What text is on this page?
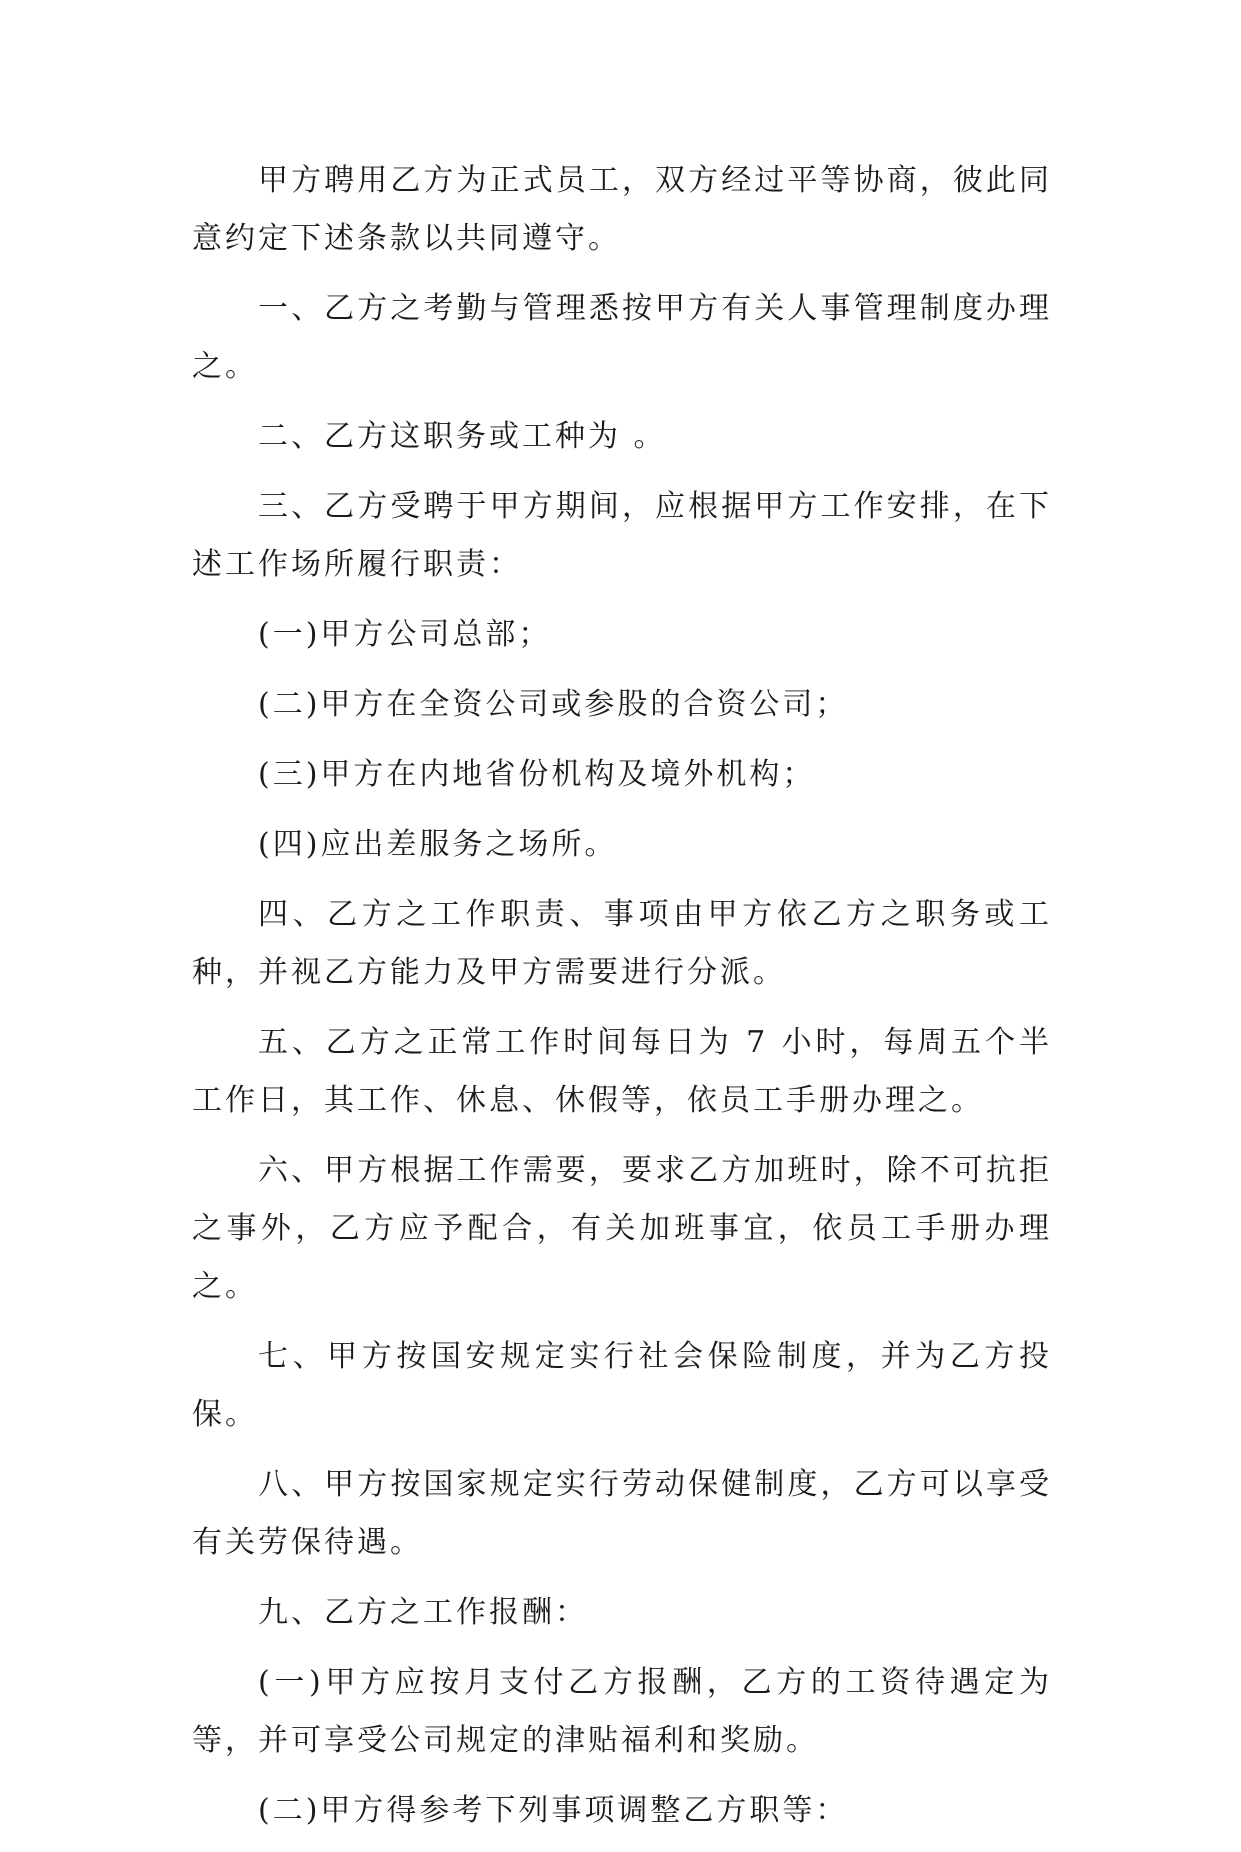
甲方聘用乙方为正式员工，双方经过平等协商，彼此同意约定下述条款以共同遵守。

一、乙方之考勤与管理悉按甲方有关人事管理制度办理之。

二、乙方这职务或工种为 。

三、乙方受聘于甲方期间，应根据甲方工作安排，在下述工作场所履行职责：

(一)甲方公司总部；

(二)甲方在全资公司或参股的合资公司；

(三)甲方在内地省份机构及境外机构；

(四)应出差服务之场所。

四、乙方之工作职责、事项由甲方依乙方之职务或工种，并视乙方能力及甲方需要进行分派。

五、乙方之正常工作时间每日为 7 小时，每周五个半工作日，其工作、休息、休假等，依员工手册办理之。

六、甲方根据工作需要，要求乙方加班时，除不可抗拒之事外，乙方应予配合，有关加班事宜，依员工手册办理之。

七、甲方按国安规定实行社会保险制度，并为乙方投保。

八、甲方按国家规定实行劳动保健制度，乙方可以享受有关劳保待遇。

九、乙方之工作报酬：

(一)甲方应按月支付乙方报酬，乙方的工资待遇定为等，并可享受公司规定的津贴福利和奖励。

(二)甲方得参考下列事项调整乙方职等：
